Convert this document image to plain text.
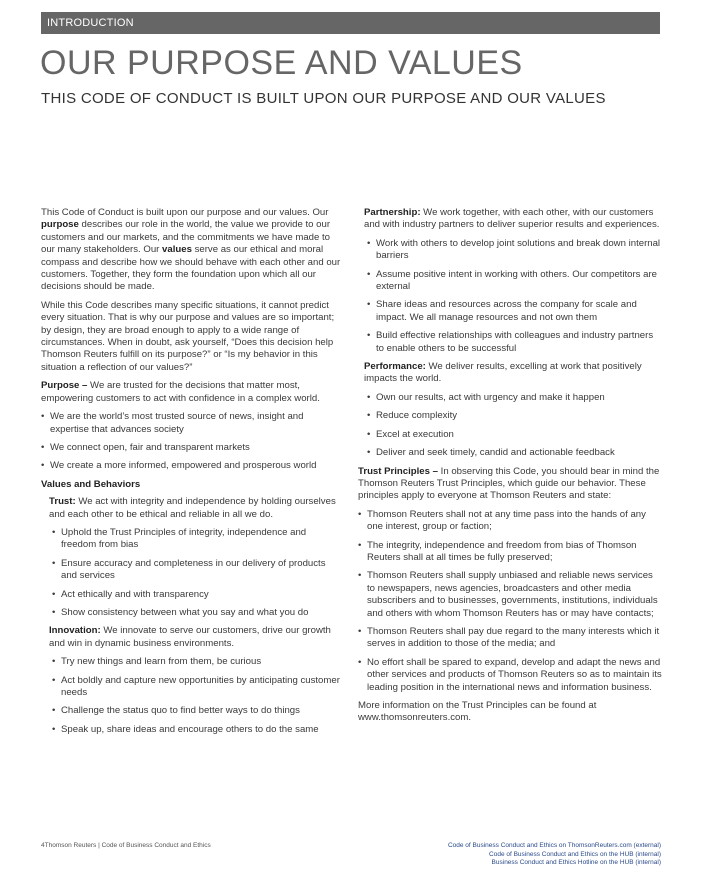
INTRODUCTION
OUR PURPOSE AND VALUES
THIS CODE OF CONDUCT IS BUILT UPON OUR PURPOSE AND OUR VALUES

This Code of Conduct is built upon our purpose and our values. Our purpose describes our role in the world, the value we provide to our customers and our markets, and the commitments we have made to our many stakeholders. Our values serve as our ethical and moral compass and describe how we should behave with each other and our customers. Together, they form the foundation upon which all our decisions should be made.

While this Code describes many specific situations, it cannot predict every situation. That is why our purpose and values are so important; by design, they are broad enough to apply to a wide range of circumstances. When in doubt, ask yourself, “Does this decision help Thomson Reuters fulfill on its purpose?” or “Is my behavior in this situation a reflection of our values?”

Purpose – We are trusted for the decisions that matter most, empowering customers to act with confidence in a complex world.

• We are the world’s most trusted source of news, insight and expertise that advances society
• We connect open, fair and transparent markets
• We create a more informed, empowered and prosperous world
Values and Behaviors

Trust: We act with integrity and independence by holding ourselves and each other to be ethical and reliable in all we do.

• Uphold the Trust Principles of integrity, independence and freedom from bias
• Ensure accuracy and completeness in our delivery of products and services
• Act ethically and with transparency
• Show consistency between what you say and what you do

Innovation: We innovate to serve our customers, drive our growth and win in dynamic business environments.

• Try new things and learn from them, be curious
• Act boldly and capture new opportunities by anticipating customer needs
• Challenge the status quo to find better ways to do things
• Speak up, share ideas and encourage others to do the same

Partnership: We work together, with each other, with our customers and with industry partners to deliver superior results and experiences.

• Work with others to develop joint solutions and break down internal barriers
• Assume positive intent in working with others. Our competitors are external
• Share ideas and resources across the company for scale and impact. We all manage resources and not own them
• Build effective relationships with colleagues and industry partners to enable others to be successful

Performance: We deliver results, excelling at work that positively impacts the world.

• Own our results, act with urgency and make it happen
• Reduce complexity
• Excel at execution
• Deliver and seek timely, candid and actionable feedback

Trust Principles – In observing this Code, you should bear in mind the Thomson Reuters Trust Principles, which guide our behavior. These principles apply to everyone at Thomson Reuters and state:

• Thomson Reuters shall not at any time pass into the hands of any one interest, group or faction;
• The integrity, independence and freedom from bias of Thomson Reuters shall at all times be fully preserved;
• Thomson Reuters shall supply unbiased and reliable news services to newspapers, news agencies, broadcasters and other media subscribers and to businesses, governments, institutions, individuals and others with whom Thomson Reuters has or may have contacts;
• Thomson Reuters shall pay due regard to the many interests which it serves in addition to those of the media; and
• No effort shall be spared to expand, develop and adapt the news and other services and products of Thomson Reuters so as to maintain its leading position in the international news and information business.

More information on the Trust Principles can be found at www.thomsonreuters.com.

4Thomson Reuters | Code of Business Conduct and Ethics	Code of Business Conduct and Ethics on ThomsonReuters.com (external)
Code of Business Conduct and Ethics on the HUB (internal)
Business Conduct and Ethics Hotline on the HUB (internal)
